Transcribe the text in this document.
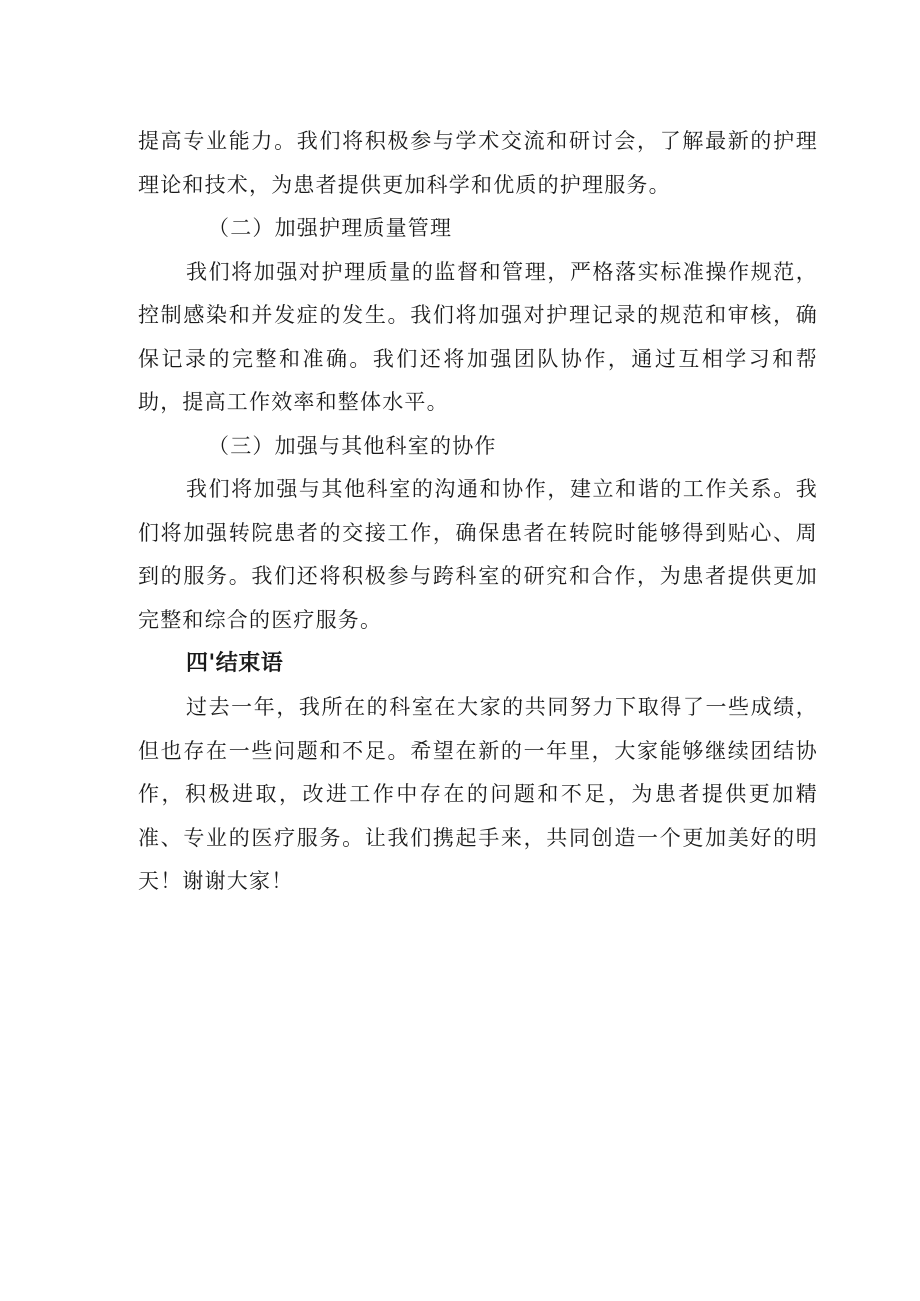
提高专业能力。我们将积极参与学术交流和研讨会，了解最新的护理理论和技术，为患者提供更加科学和优质的护理服务。

（二）加强护理质量管理

我们将加强对护理质量的监督和管理，严格落实标准操作规范，控制感染和并发症的发生。我们将加强对护理记录的规范和审核，确保记录的完整和准确。我们还将加强团队协作，通过互相学习和帮助，提高工作效率和整体水平。

（三）加强与其他科室的协作

我们将加强与其他科室的沟通和协作，建立和谐的工作关系。我们将加强转院患者的交接工作，确保患者在转院时能够得到贴心、周到的服务。我们还将积极参与跨科室的研究和合作，为患者提供更加完整和综合的医疗服务。

四'结束语

过去一年，我所在的科室在大家的共同努力下取得了一些成绩，但也存在一些问题和不足。希望在新的一年里，大家能够继续团结协作，积极进取，改进工作中存在的问题和不足，为患者提供更加精准、专业的医疗服务。让我们携起手来，共同创造一个更加美好的明天！谢谢大家！
